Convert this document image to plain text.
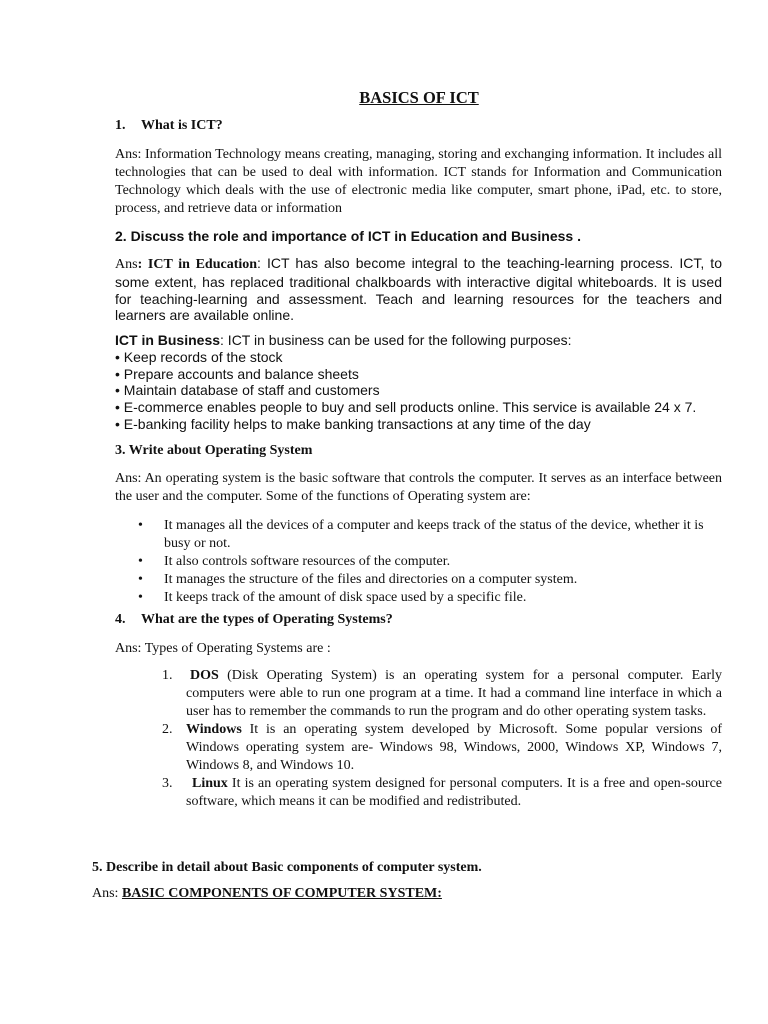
BASICS OF ICT
1. What is ICT?

Ans: Information Technology means creating, managing, storing and exchanging information. It includes all technologies that can be used to deal with information. ICT stands for Information and Communication Technology which deals with the use of electronic media like computer, smart phone, iPad, etc. to store, process, and retrieve data or information

2. Discuss the role and importance of ICT in Education and Business .

Ans: ICT in Education: ICT has also become integral to the teaching-learning process. ICT, to some extent, has replaced traditional chalkboards with interactive digital whiteboards. It is used for teaching-learning and assessment. Teach and learning resources for the teachers and learners are available online.

ICT in Business: ICT in business can be used for the following purposes:
• Keep records of the stock
• Prepare accounts and balance sheets
• Maintain database of staff and customers
• E-commerce enables people to buy and sell products online. This service is available 24 x 7.
• E-banking facility helps to make banking transactions at any time of the day
3. Write about Operating System

Ans: An operating system is the basic software that controls the computer. It serves as an interface between the user and the computer. Some of the functions of Operating system are:

• It manages all the devices of a computer and keeps track of the status of the device, whether it is busy or not.
• It also controls software resources of the computer.
• It manages the structure of the files and directories on a computer system.
• It keeps track of the amount of disk space used by a specific file.
4. What are the types of Operating Systems?

Ans: Types of Operating Systems are :

1. DOS (Disk Operating System) is an operating system for a personal computer. Early computers were able to run one program at a time. It had a command line interface in which a user has to remember the commands to run the program and do other operating system tasks.
2. Windows It is an operating system developed by Microsoft. Some popular versions of Windows operating system are- Windows 98, Windows, 2000, Windows XP, Windows 7, Windows 8, and Windows 10.
3. Linux It is an operating system designed for personal computers. It is a free and open-source software, which means it can be modified and redistributed.
5. Describe in detail about Basic components of computer system.
Ans: BASIC COMPONENTS OF COMPUTER SYSTEM:
